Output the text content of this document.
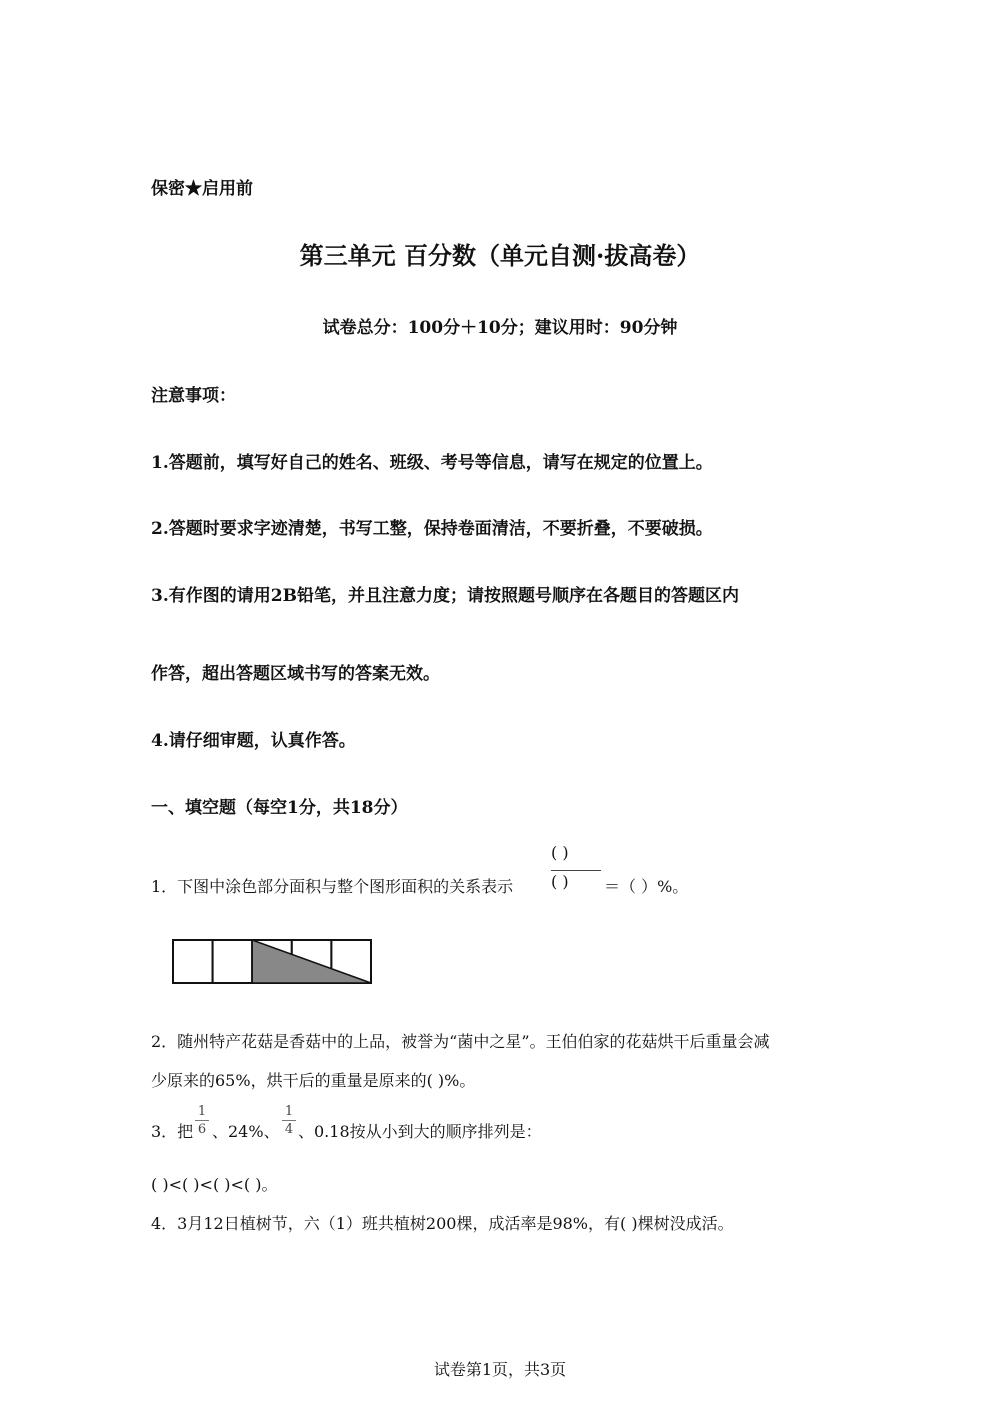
保密★启用前
第三单元 百分数（单元自测·拔高卷）
试卷总分：100分＋10分；建议用时：90分钟
注意事项：
1.答题前，填写好自己的姓名、班级、考号等信息，请写在规定的位置上。
2.答题时要求字迹清楚，书写工整，保持卷面清洁，不要折叠，不要破损。
3.有作图的请用2B铅笔，并且注意力度；请按照题号顺序在各题目的答题区内
作答，超出答题区域书写的答案无效。
4.请仔细审题，认真作答。
一、填空题（每空1分，共18分）
1．下图中涂色部分面积与整个图形面积的关系表示
( )
( ) ＝（ ）%。
2．随州特产花菇是香菇中的上品，被誉为“菌中之星”。王伯伯家的花菇烘干后重量会减
少原来的65%，烘干后的重量是原来的( )%。
3．把
1
6 、24%、
1
4 、0.18按从小到大的顺序排列是：
( )<( )<( )<( )。
4．3月12日植树节，六（1）班共植树200棵，成活率是98%，有( )棵树没成活。
试卷第1页，共3页
